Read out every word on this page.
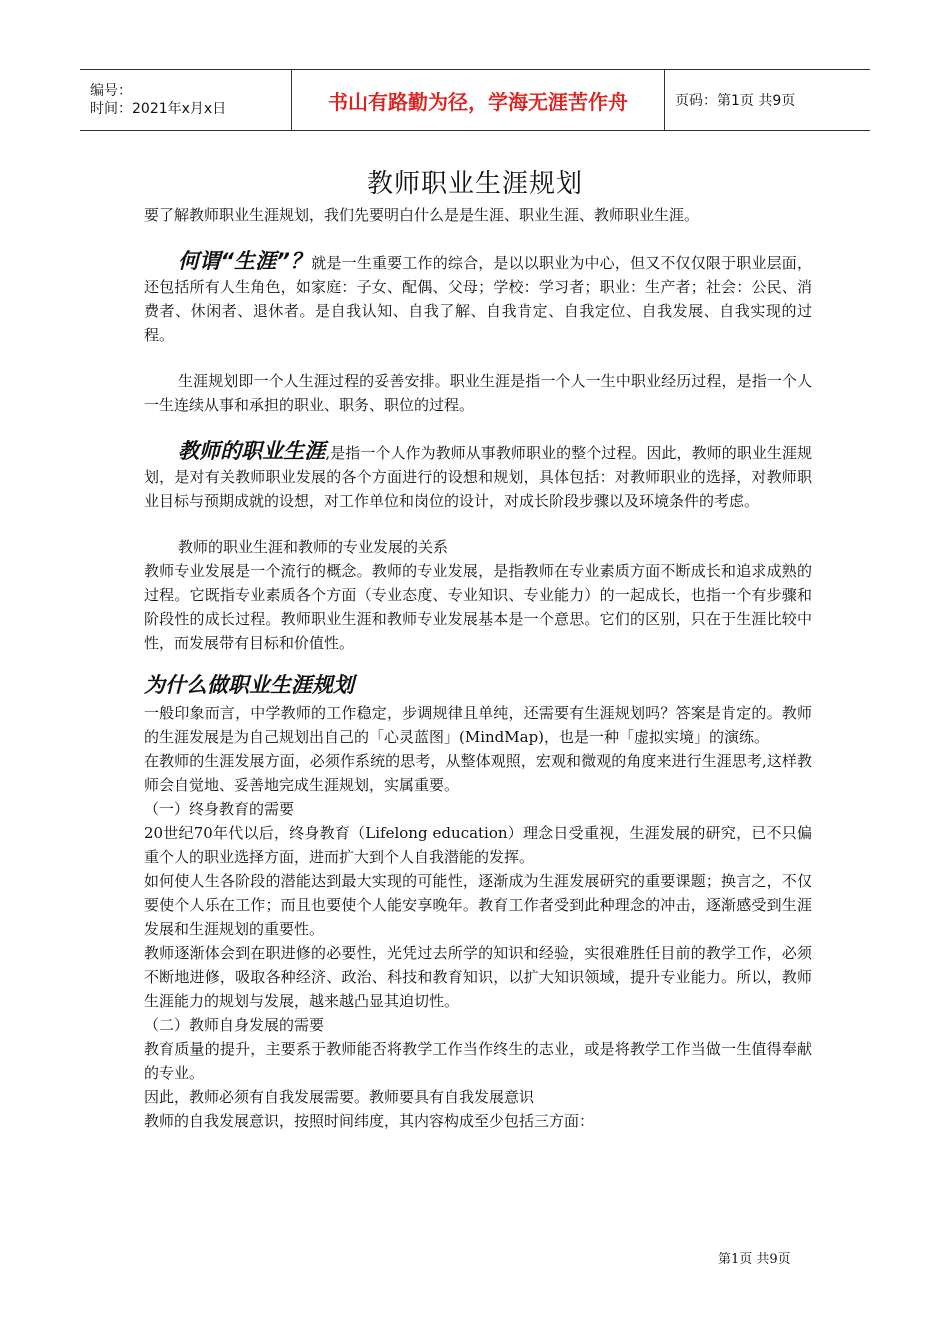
编号：
时间：2021年x月x日	书山有路勤为径，学海无涯苦作舟	页码：第1页 共9页
教师职业生涯规划

要了解教师职业生涯规划，我们先要明白什么是是生涯、职业生涯、教师职业生涯。

何谓“生涯”？就是一生重要工作的综合，是以以职业为中心，但又不仅仅限于职业层面，还包括所有人生角色，如家庭：子女、配偶、父母；学校：学习者；职业：生产者；社会：公民、消费者、休闲者、退休者。是自我认知、自我了解、自我肯定、自我定位、自我发展、自我实现的过程。

生涯规划即一个人生涯过程的妥善安排。职业生涯是指一个人一生中职业经历过程，是指一个人一生连续从事和承担的职业、职务、职位的过程。

教师的职业生涯,是指一个人作为教师从事教师职业的整个过程。因此，教师的职业生涯规划，是对有关教师职业发展的各个方面进行的设想和规划，具体包括：对教师职业的选择，对教师职业目标与预期成就的设想，对工作单位和岗位的设计，对成长阶段步骤以及环境条件的考虑。

教师的职业生涯和教师的专业发展的关系

教师专业发展是一个流行的概念。教师的专业发展，是指教师在专业素质方面不断成长和追求成熟的过程。它既指专业素质各个方面（专业态度、专业知识、专业能力）的一起成长，也指一个有步骤和阶段性的成长过程。教师职业生涯和教师专业发展基本是一个意思。它们的区别，只在于生涯比较中性，而发展带有目标和价值性。

为什么做职业生涯规划

一般印象而言，中学教师的工作稳定，步调规律且单纯，还需要有生涯规划吗？答案是肯定的。教师的生涯发展是为自己规划出自己的「心灵蓝图」(MindMap)，也是一种「虚拟实境」的演练。

在教师的生涯发展方面，必须作系统的思考，从整体观照，宏观和微观的角度来进行生涯思考,这样教师会自觉地、妥善地完成生涯规划，实属重要。

（一）终身教育的需要

20世纪70年代以后，终身教育（Lifelong education）理念日受重视，生涯发展的研究，已不只偏重个人的职业选择方面，进而扩大到个人自我潜能的发挥。

如何使人生各阶段的潜能达到最大实现的可能性，逐渐成为生涯发展研究的重要课题；换言之，不仅要使个人乐在工作；而且也要使个人能安享晚年。教育工作者受到此种理念的冲击，逐渐感受到生涯发展和生涯规划的重要性。

教师逐渐体会到在职进修的必要性，光凭过去所学的知识和经验，实很难胜任目前的教学工作，必须不断地进修，吸取各种经济、政治、科技和教育知识，以扩大知识领域，提升专业能力。所以，教师生涯能力的规划与发展，越来越凸显其迫切性。

（二）教师自身发展的需要

教育质量的提升，主要系于教师能否将教学工作当作终生的志业，或是将教学工作当做一生值得奉献的专业。

因此，教师必须有自我发展需要。教师要具有自我发展意识

教师的自我发展意识，按照时间纬度，其内容构成至少包括三方面：

第1页 共9页
